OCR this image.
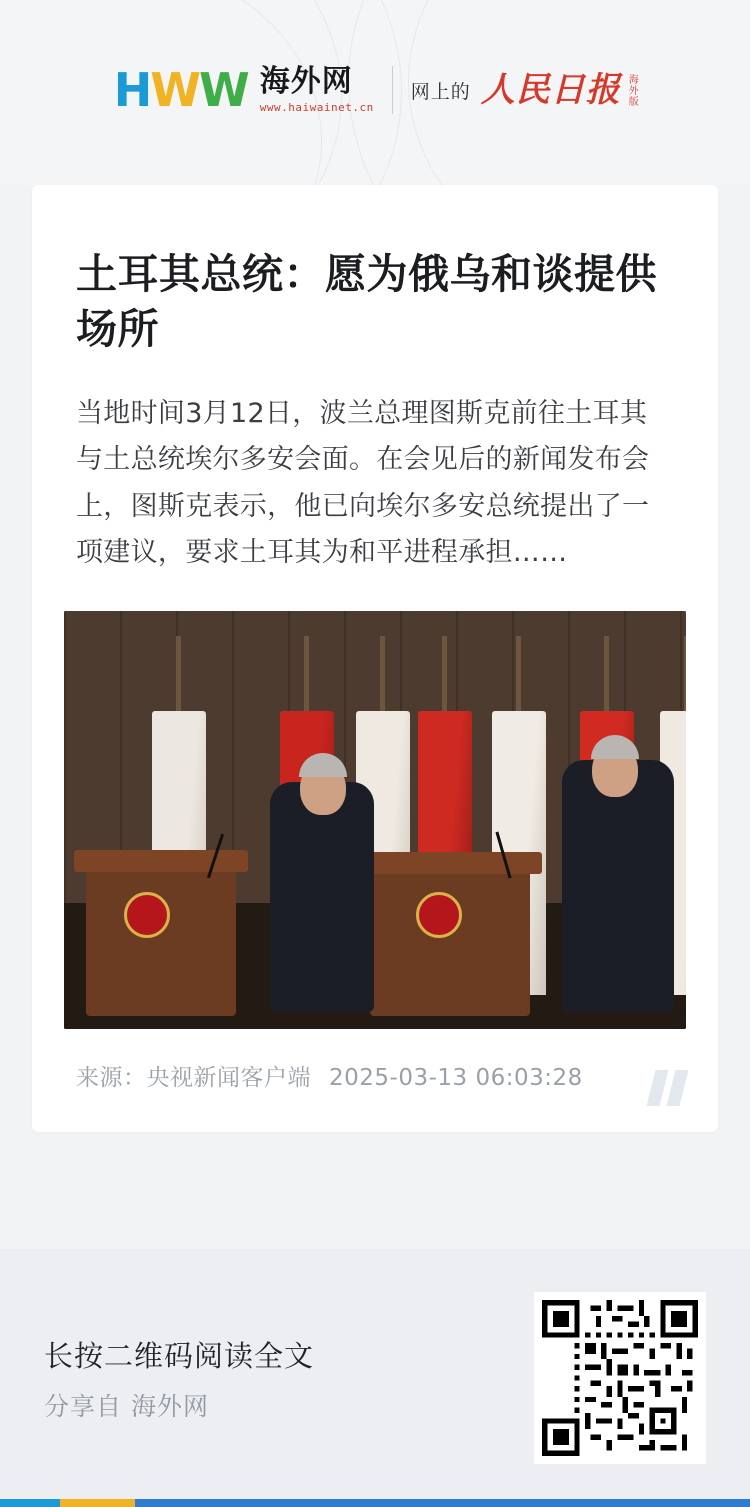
H W W 海外网
www.haiwainet.cn
网上的 人民日报 海外版
土耳其总统：愿为俄乌和谈提供场所

当地时间3月12日，波兰总理图斯克前往土耳其与土总统埃尔多安会面。在会见后的新闻发布会上，图斯克表示，他已向埃尔多安总统提出了一项建议，要求土耳其为和平进程承担……

来源：央视新闻客户端 2025-03-13 06:03:28
长按二维码阅读全文
分享自 海外网
